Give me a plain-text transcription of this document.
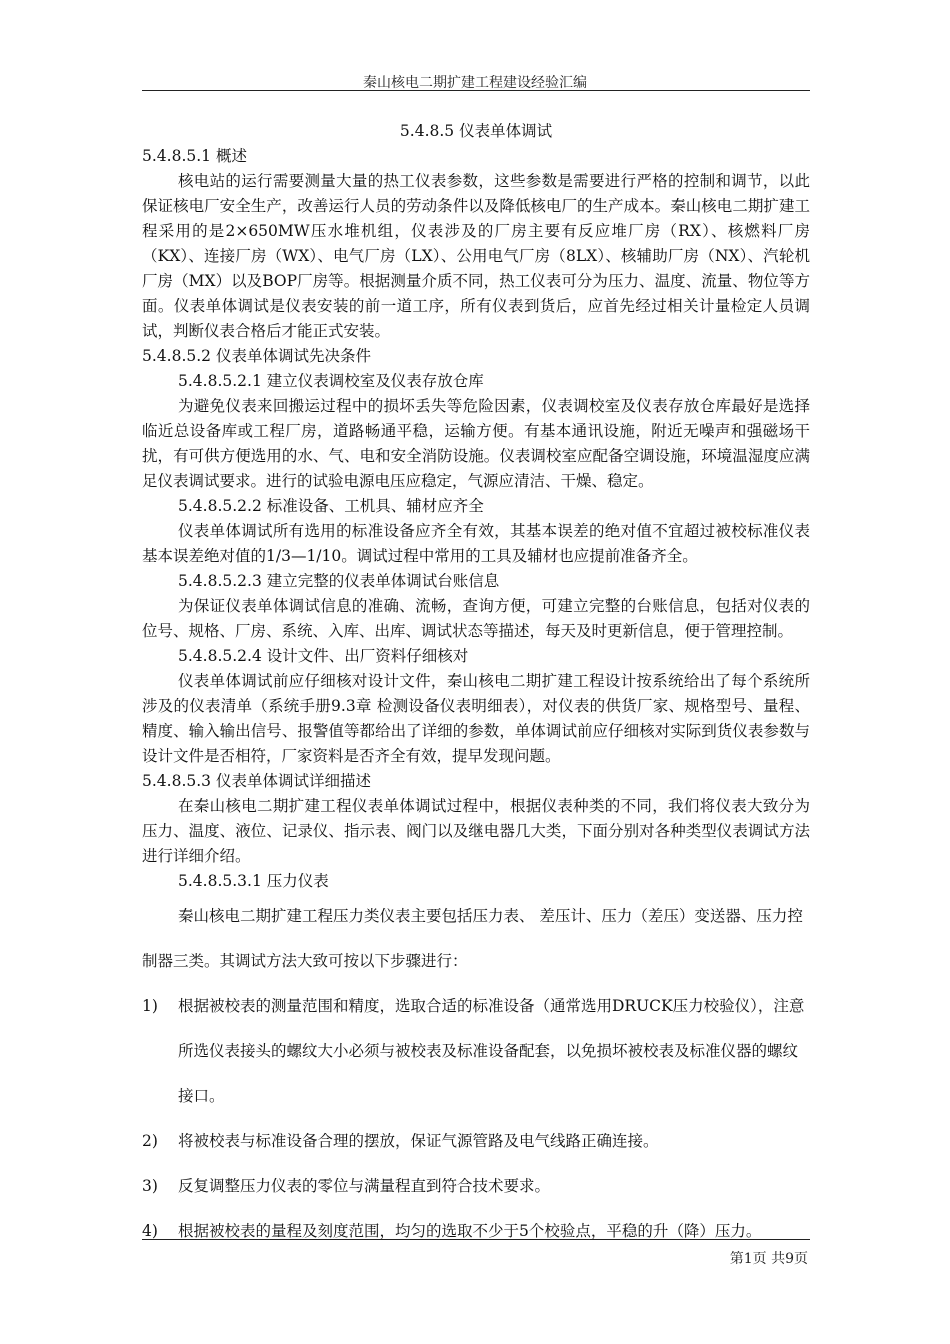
秦山核电二期扩建工程建设经验汇编
5.4.8.5 仪表单体调试
5.4.8.5.1 概述

核电站的运行需要测量大量的热工仪表参数，这些参数是需要进行严格的控制和调节，以此保证核电厂安全生产，改善运行人员的劳动条件以及降低核电厂的生产成本。秦山核电二期扩建工程采用的是2×650MW压水堆机组，仪表涉及的厂房主要有反应堆厂房（RX）、核燃料厂房（KX）、连接厂房（WX）、电气厂房（LX）、公用电气厂房（8LX）、核辅助厂房（NX）、汽轮机厂房（MX）以及BOP厂房等。根据测量介质不同，热工仪表可分为压力、温度、流量、物位等方面。仪表单体调试是仪表安装的前一道工序，所有仪表到货后，应首先经过相关计量检定人员调试，判断仪表合格后才能正式安装。

5.4.8.5.2 仪表单体调试先决条件
5.4.8.5.2.1 建立仪表调校室及仪表存放仓库

为避免仪表来回搬运过程中的损坏丢失等危险因素，仪表调校室及仪表存放仓库最好是选择临近总设备库或工程厂房，道路畅通平稳，运输方便。有基本通讯设施，附近无噪声和强磁场干扰，有可供方便选用的水、气、电和安全消防设施。仪表调校室应配备空调设施，环境温湿度应满足仪表调试要求。进行的试验电源电压应稳定，气源应清洁、干燥、稳定。

5.4.8.5.2.2 标准设备、工机具、辅材应齐全

仪表单体调试所有选用的标准设备应齐全有效，其基本误差的绝对值不宜超过被校标准仪表基本误差绝对值的1/3—1/10。调试过程中常用的工具及辅材也应提前准备齐全。

5.4.8.5.2.3 建立完整的仪表单体调试台账信息

为保证仪表单体调试信息的准确、流畅，查询方便，可建立完整的台账信息，包括对仪表的位号、规格、厂房、系统、入库、出库、调试状态等描述，每天及时更新信息，便于管理控制。

5.4.8.5.2.4 设计文件、出厂资料仔细核对

仪表单体调试前应仔细核对设计文件，秦山核电二期扩建工程设计按系统给出了每个系统所涉及的仪表清单（系统手册9.3章 检测设备仪表明细表），对仪表的供货厂家、规格型号、量程、精度、输入输出信号、报警值等都给出了详细的参数，单体调试前应仔细核对实际到货仪表参数与设计文件是否相符，厂家资料是否齐全有效，提早发现问题。

5.4.8.5.3 仪表单体调试详细描述

在秦山核电二期扩建工程仪表单体调试过程中，根据仪表种类的不同，我们将仪表大致分为压力、温度、液位、记录仪、指示表、阀门以及继电器几大类，下面分别对各种类型仪表调试方法进行详细介绍。

5.4.8.5.3.1 压力仪表

秦山核电二期扩建工程压力类仪表主要包括压力表、 差压计、压力（差压）变送器、压力控制器三类。其调试方法大致可按以下步骤进行：

1) 根据被校表的测量范围和精度，选取合适的标准设备（通常选用DRUCK压力校验仪），注意所选仪表接头的螺纹大小必须与被校表及标准设备配套，以免损坏被校表及标准仪器的螺纹接口。
2) 将被校表与标准设备合理的摆放，保证气源管路及电气线路正确连接。
3) 反复调整压力仪表的零位与满量程直到符合技术要求。
4) 根据被校表的量程及刻度范围，均匀的选取不少于5个校验点，平稳的升（降）压力。
第1页 共9页
